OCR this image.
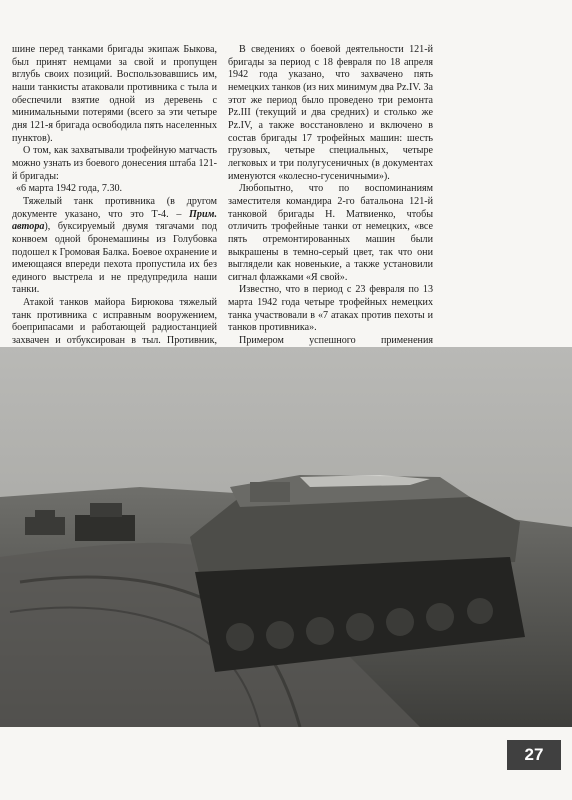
шине перед танками бригады экипаж Быкова, был принят немцами за свой и пропущен вглубь своих позиций. Воспользовавшись им, наши танкисты атаковали противника с тыла и обеспечили взятие одной из деревень с минимальными потерями (всего за эти четыре дня 121-я бригада освободила пять населенных пунктов).

О том, как захватывали трофейную матчасть можно узнать из боевого донесения штаба 121-й бригады:

«6 марта 1942 года, 7.30.

Тяжелый танк противника (в другом документе указано, что это Т-4. – Прим. автора), буксируемый двумя тягачами под конвоем одной бронемашины из Голубовка подошел к Громовая Балка. Боевое охранение и имеющаяся впереди пехота пропустила их без единого выстрела и не предупредила наши танки.

Атакой танков майора Бирюкова тяжелый танк противника с исправным вооружением, боеприпасами и работающей радиостанцией захвачен и отбуксирован в тыл. Противник,

В сведениях о боевой деятельности 121-й бригады за период с 18 февраля по 18 апреля 1942 года указано, что захвачено пять немецких танков (из них минимум два Pz.IV. За этот же период было проведено три ремонта Pz.III (текущий и два средних) и столько же Pz.IV, а также восстановлено и включено в состав бригады 17 трофейных машин: шесть грузовых, четыре специальных, четыре легковых и три полугусеничных (в документах именуются «колесно-гусеничными»).

Любопытно, что по воспоминаниям заместителя командира 2-го батальона 121-й танковой бригады Н. Матвиенко, чтобы отличить трофейные танки от немецких, «все пять отремонтированных машин были выкрашены в темно-серый цвет, так что они выглядели как новенькие, а также установили сигнал флажками «Я свой».

Известно, что в период с 23 февраля по 13 марта 1942 года четыре трофейных немецких танка участвовали в «7 атаках против пехоты и танков противника».

Примером успешного применения

27
